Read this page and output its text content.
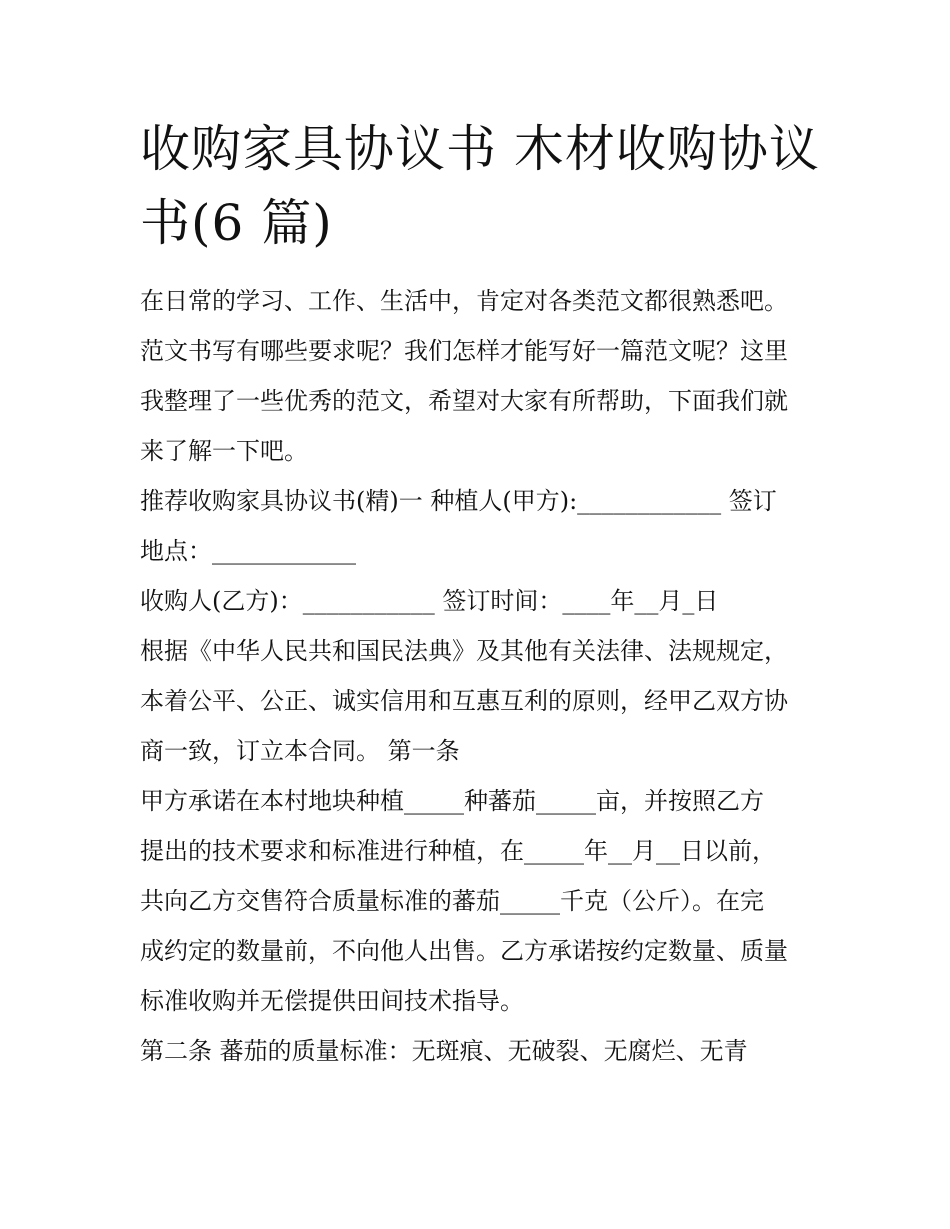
收购家具协议书 木材收购协议
书(6 篇)
在日常的学习、工作、生活中，肯定对各类范文都很熟悉吧。
范文书写有哪些要求呢？我们怎样才能写好一篇范文呢？这里
我整理了一些优秀的范文，希望对大家有所帮助，下面我们就
来了解一下吧。
推荐收购家具协议书(精)一 种植人(甲方):____________ 签订
地点：____________
收购人(乙方)：___________ 签订时间：____年__月_日
根据《中华人民共和国民法典》及其他有关法律、法规规定，
本着公平、公正、诚实信用和互惠互利的原则，经甲乙双方协
商一致，订立本合同。 第一条
甲方承诺在本村地块种植_____种蕃茄_____亩，并按照乙方
提出的技术要求和标准进行种植，在_____年__月__日以前，
共向乙方交售符合质量标准的蕃茄_____千克（公斤）。在完
成约定的数量前，不向他人出售。乙方承诺按约定数量、质量
标准收购并无偿提供田间技术指导。
第二条 蕃茄的质量标准：无斑痕、无破裂、无腐烂、无青
